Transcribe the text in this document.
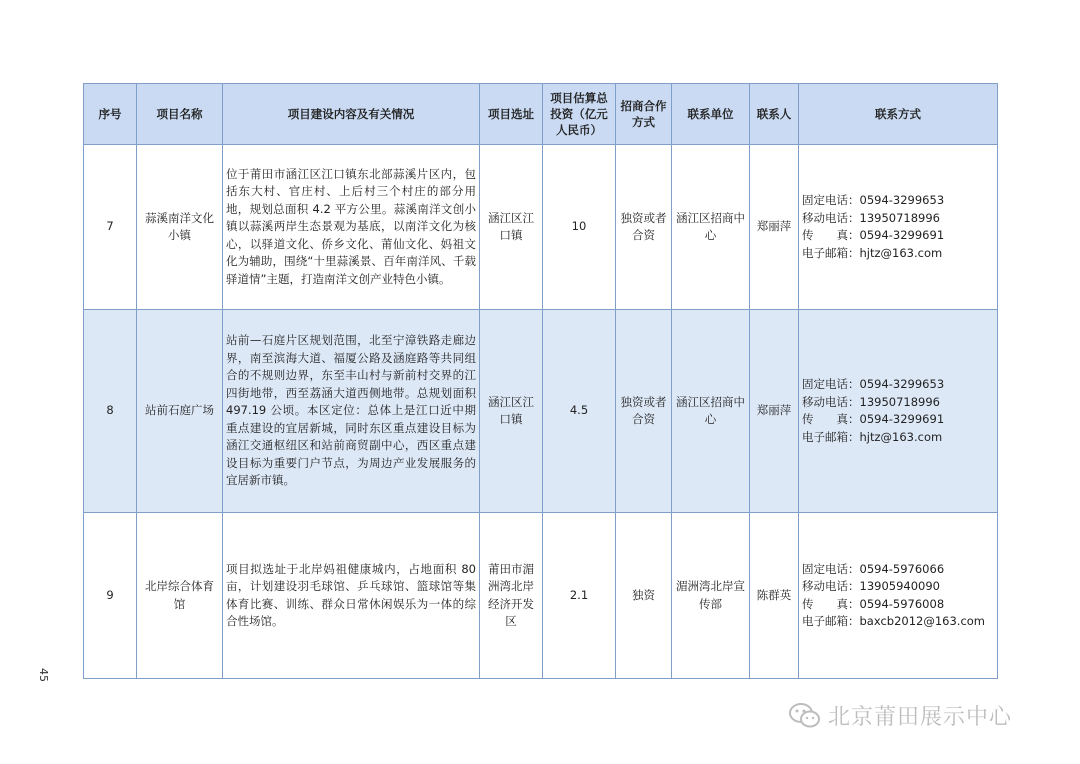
45
序号	项目名称	项目建设内容及有关情况	项目选址	项目估算总投资（亿元人民币）	招商合作方式	联系单位	联系人	联系方式
7	蒜溪南洋文化小镇	位于莆田市涵江区江口镇东北部蒜溪片区内，包括东大村、官庄村、上后村三个村庄的部分用地，规划总面积 4.2 平方公里。蒜溪南洋文创小镇以蒜溪两岸生态景观为基底，以南洋文化为核心，以驿道文化、侨乡文化、莆仙文化、妈祖文化为辅助，围绕“十里蒜溪景、百年南洋风、千载驿道情”主题，打造南洋文创产业特色小镇。	涵江区江口镇	10	独资或者合资	涵江区招商中心	郑丽萍	固定电话：0594-3299653
移动电话：13950718996
传　　真：0594-3299691
电子邮箱：hjtz@163.com

8	站前石庭广场	站前—石庭片区规划范围，北至宁漳铁路走廊边界，南至滨海大道、福厦公路及涵庭路等共同组合的不规则边界，东至丰山村与新前村交界的江四街地带，西至荔涵大道西侧地带。总规划面积 497.19 公顷。本区定位：总体上是江口近中期重点建设的宜居新城，同时东区重点建设目标为涵江交通枢纽区和站前商贸副中心，西区重点建设目标为重要门户节点，为周边产业发展服务的宜居新市镇。	涵江区江口镇	4.5	独资或者合资	涵江区招商中心	郑丽萍	固定电话：0594-3299653
移动电话：13950718996
传　　真：0594-3299691
电子邮箱：hjtz@163.com

9	北岸综合体育馆	项目拟选址于北岸妈祖健康城内，占地面积 80 亩，计划建设羽毛球馆、乒乓球馆、篮球馆等集体育比赛、训练、群众日常休闲娱乐为一体的综合性场馆。	莆田市湄洲湾北岸经济开发区	2.1	独资	湄洲湾北岸宣传部	陈群英	固定电话：0594-5976066
移动电话：13905940090
传　　真：0594-5976008
电子邮箱：baxcb2012@163.com
北京莆田展示中心
